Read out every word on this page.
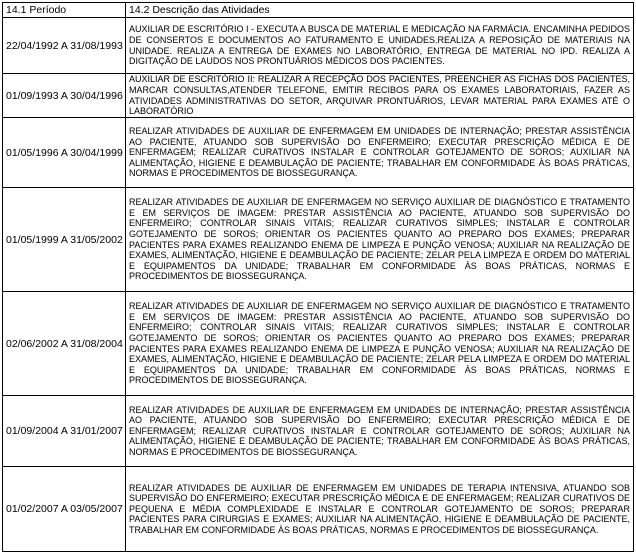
14.1 Período	14.2 Descrição das Atividades
22/04/1992 A 31/08/1993	AUXILIAR DE ESCRITÓRIO I - EXECUTA A BUSCA DE MATERIAL E MEDICAÇÃO NA FARMÁCIA. ENCAMINHA PEDIDOS DE CONSERTOS E DOCUMENTOS AO FATURAMENTO E UNIDADES.REALIZA A REPOSIÇÃO DE MATERIAIS NA UNIDADE. REALIZA A ENTREGA DE EXAMES NO LABORATÓRIO, ENTREGA DE MATERIAL NO IPD. REALIZA A DIGITAÇÃO DE LAUDOS NOS PRONTUÁRIOS MÉDICOS DOS PACIENTES.
01/09/1993 A 30/04/1996	AUXILIAR DE ESCRITÓRIO II: REALIZAR A RECEPÇÃO DOS PACIENTES, PREENCHER AS FICHAS DOS PACIENTES, MARCAR CONSULTAS,ATENDER TELEFONE, EMITIR RECIBOS PARA OS EXAMES LABORATORIAIS, FAZER AS ATIVIDADES ADMINISTRATIVAS DO SETOR, ARQUIVAR PRONTUÁRIOS, LEVAR MATERIAL PARA EXAMES ATÉ O LABORATÓRIO
01/05/1996 A 30/04/1999	REALIZAR ATIVIDADES DE AUXILIAR DE ENFERMAGEM EM UNIDADES DE INTERNAÇÃO; PRESTAR ASSISTÊNCIA AO PACIENTE, ATUANDO SOB SUPERVISÃO DO ENFERMEIRO; EXECUTAR PRESCRIÇÃO MÉDICA E DE ENFERMAGEM; REALIZAR CURATIVOS INSTALAR E CONTROLAR GOTEJAMENTO DE SOROS; AUXILIAR NA ALIMENTAÇÃO, HIGIENE E DEAMBULAÇÃO DE PACIENTE; TRABALHAR EM CONFORMIDADE ÀS BOAS PRÁTICAS, NORMAS E PROCEDIMENTOS DE BIOSSEGURANÇA.
01/05/1999 A 31/05/2002	REALIZAR ATIVIDADES DE AUXILIAR DE ENFERMAGEM NO SERVIÇO AUXILIAR DE DIAGNÓSTICO E TRATAMENTO E EM SERVIÇOS DE IMAGEM: PRESTAR ASSISTÊNCIA AO PACIENTE, ATUANDO SOB SUPERVISÃO DO ENFERMEIRO; CONTROLAR SINAIS VITAIS; REALIZAR CURATIVOS SIMPLES; INSTALAR E CONTROLAR GOTEJAMENTO DE SOROS; ORIENTAR OS PACIENTES QUANTO AO PREPARO DOS EXAMES; PREPARAR PACIENTES PARA EXAMES REALIZANDO ENEMA DE LIMPEZA E PUNÇÃO VENOSA; AUXILIAR NA REALIZAÇÃO DE EXAMES, ALIMENTAÇÃO, HIGIENE E DEAMBULAÇÃO DE PACIENTE; ZELAR PELA LIMPEZA E ORDEM DO MATERIAL E EQUIPAMENTOS DA UNIDADE; TRABALHAR EM CONFORMIDADE ÀS BOAS PRÁTICAS, NORMAS E PROCEDIMENTOS DE BIOSSEGURANÇA.
02/06/2002 A 31/08/2004	REALIZAR ATIVIDADES DE AUXILIAR DE ENFERMAGEM NO SERVIÇO AUXILIAR DE DIAGNÓSTICO E TRATAMENTO E EM SERVIÇOS DE IMAGEM: PRESTAR ASSISTÊNCIA AO PACIENTE, ATUANDO SOB SUPERVISÃO DO ENFERMEIRO; CONTROLAR SINAIS VITAIS; REALIZAR CURATIVOS SIMPLES; INSTALAR E CONTROLAR GOTEJAMENTO DE SOROS; ORIENTAR OS PACIENTES QUANTO AO PREPARO DOS EXAMES; PREPARAR PACIENTES PARA EXAMES REALIZANDO ENEMA DE LIMPEZA E PUNÇÃO VENOSA; AUXILIAR NA REALIZAÇÃO DE EXAMES, ALIMENTAÇÃO, HIGIENE E DEAMBULAÇÃO DE PACIENTE; ZELAR PELA LIMPEZA E ORDEM DO MATERIAL E EQUIPAMENTOS DA UNIDADE; TRABALHAR EM CONFORMIDADE ÀS BOAS PRÁTICAS, NORMAS E PROCEDIMENTOS DE BIOSSEGURANÇA.
01/09/2004 A 31/01/2007	REALIZAR ATIVIDADES DE AUXILIAR DE ENFERMAGEM EM UNIDADES DE INTERNAÇÃO; PRESTAR ASSISTÊNCIA AO PACIENTE, ATUANDO SOB SUPERVISÃO DO ENFERMEIRO; EXECUTAR PRESCRIÇÃO MÉDICA E DE ENFERMAGEM; REALIZAR CURATIVOS INSTALAR E CONTROLAR GOTEJAMENTO DE SOROS; AUXILIAR NA ALIMENTAÇÃO, HIGIENE E DEAMBULAÇÃO DE PACIENTE; TRABALHAR EM CONFORMIDADE ÀS BOAS PRÁTICAS, NORMAS E PROCEDIMENTOS DE BIOSSEGURANÇA.
01/02/2007 A 03/05/2007	REALIZAR ATIVIDADES DE AUXILIAR DE ENFERMAGEM EM UNIDADES DE TERAPIA INTENSIVA, ATUANDO SOB SUPERVISÃO DO ENFERMEIRO; EXECUTAR PRESCRIÇÃO MÉDICA E DE ENFERMAGEM; REALIZAR CURATIVOS DE PEQUENA E MÉDIA COMPLEXIDADE E INSTALAR E CONTROLAR GOTEJAMENTO DE SOROS; PREPARAR PACIENTES PARA CIRURGIAS E EXAMES; AUXILIAR NA ALIMENTAÇÃO, HIGIENE E DEAMBULAÇÃO DE PACIENTE, TRABALHAR EM CONFORMIDADE ÀS BOAS PRÁTICAS, NORMAS E PROCEDIMENTOS DE BIOSSEGURANÇA.
